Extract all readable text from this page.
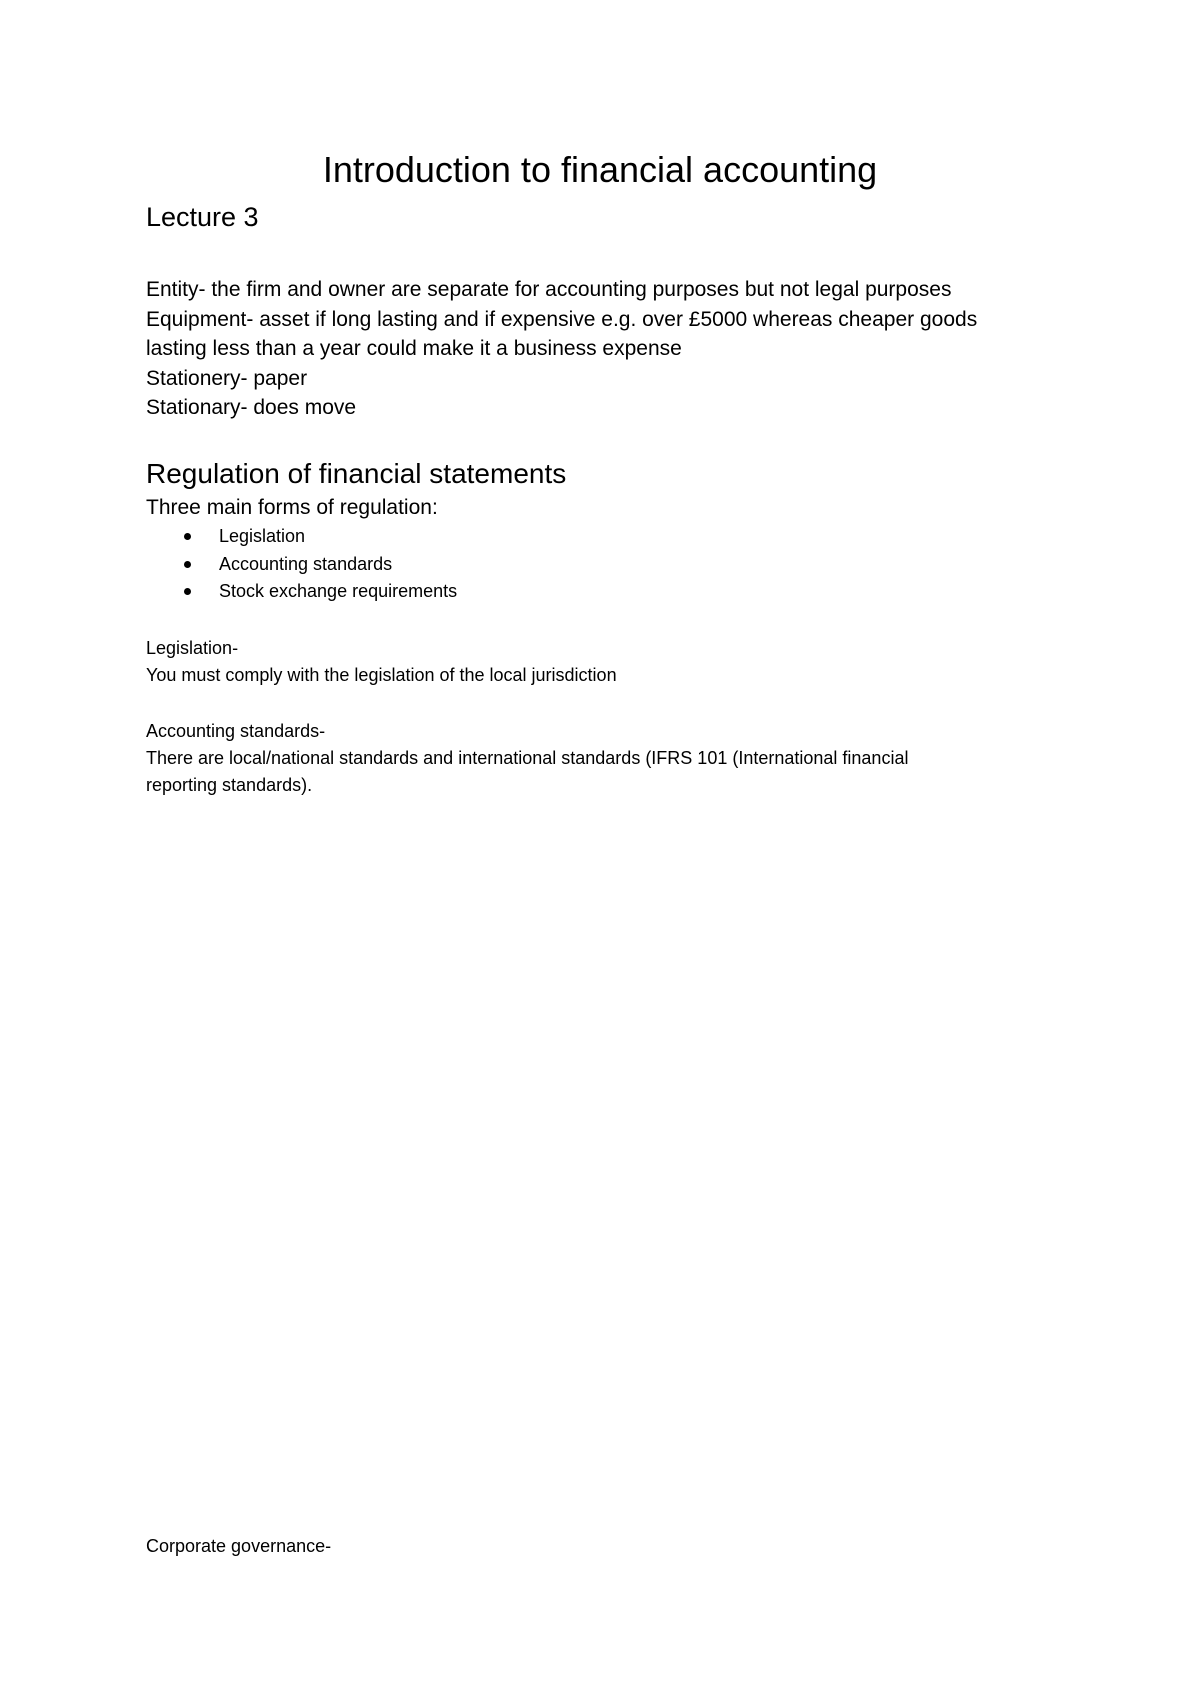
Introduction to financial accounting
Lecture 3
Entity- the firm and owner are separate for accounting purposes but not legal purposes
Equipment- asset if long lasting and if expensive e.g. over £5000 whereas cheaper goods
lasting less than a year could make it a business expense
Stationery- paper
Stationary- does move
Regulation of financial statements
Three main forms of regulation:
Legislation
Accounting standards
Stock exchange requirements
Legislation-
You must comply with the legislation of the local jurisdiction
Accounting standards-
There are local/national standards and international standards (IFRS 101 (International financial
reporting standards).
Corporate governance-
